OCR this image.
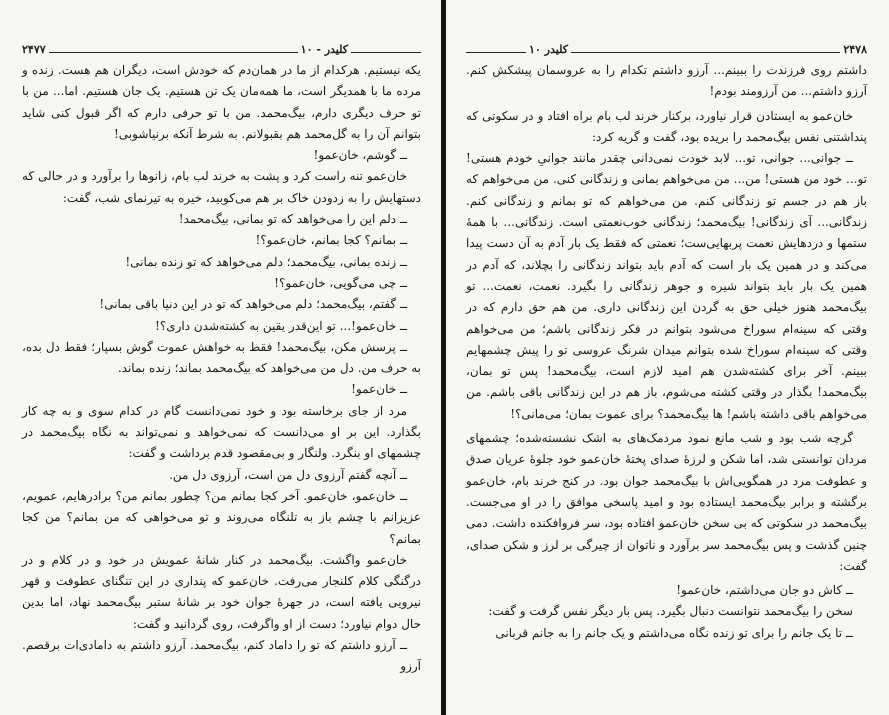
کلیدر - ۱۰
۲۴۷۷

یکه نیستیم. هرکدام از ما در همان‌دم که خودش است، دیگران هم هست. زنده و مرده ما با همدیگر است، ما همه‌مان یک تن هستیم. یک جان هستیم. اما... من با تو حرف دیگری دارم، بیگ‌محمد. من با تو حرفی دارم که اگر قبول کنی شاید بتوانم آن را به گل‌محمد هم بقبولانم. به شرط آنکه برنیاشوبی!

ــ گوشم، خان‌عمو!

خان‌عمو تنه راست کرد و پشت به خرند لب بام، زانوها را برآورد و در حالی که دستهایش را به زدودن خاک بر هم می‌کوبید، خیره به تیرنمای شب، گفت:

ــ دلم این را می‌خواهد که تو بمانی، بیگ‌محمد!

ــ بمانم؟ کجا بمانم، خان‌عمو؟!

ــ زنده بمانی، بیگ‌محمد؛ دلم می‌خواهد که تو زنده بمانی!

ــ چی می‌گویی، خان‌عمو؟!

ــ گفتم، بیگ‌محمد؛ دلم می‌خواهد که تو در این دنیا باقی بمانی!

ــ خان‌عمو!... تو این‌قدر یقین به کشته‌شدن داری؟!

ــ پرسش مکن، بیگ‌محمد! فقط به خواهش عموت گوش بسپار؛ فقط دل بده، به حرف من. دل من می‌خواهد که بیگ‌محمد بماند؛ زنده بماند.

ــ خان‌عمو!

مرد از جای برخاسته بود و خود نمی‌دانست گام در کدام سوی و به چه کار بگذارد. این بر او می‌دانست که نمی‌خواهد و نمی‌تواند به نگاه بیگ‌محمد در چشمهای او بنگرد. ولنگار و بی‌مقصود قدم برداشت و گفت:

ــ آنچه گفتم آرزوی دل من است، آرزوی دل من.

ــ خان‌عمو، خان‌عمو. آخر کجا بمانم من؟ چطور بمانم من؟ برادرهایم، عمویم، عزیزانم با چشم باز به تلنگاه می‌روند و تو می‌خواهی که من بمانم؟ من کجا بمانم؟

خان‌عمو واگشت. بیگ‌محمد در کنار شانهٔ عمویش در خود و در کلام و در درگنگی کلام کلنجار می‌رفت. خان‌عمو که پنداری در این تنگنای عطوفت و قهر نیرویی یافته است، در جهرهٔ جوان خود بر شانهٔ ستبر بیگ‌محمد نهاد، اما بدین حال دوام نیاورد؛ دست از او واگرفت، روی گردانید و گفت:

ــ آرزو داشتم که تو را داماد کنم، بیگ‌محمد. آرزو داشتم به دامادی‌ات برقصم. آرزو

۲۴۷۸
کلیدر ۱۰

داشتم روی فرزندت را ببینم... آرزو داشتم تکدام را به عروسمان پیشکش کنم. آرزو داشتم... من آرزومند بودم!

خان‌عمو به ایستادن قرار نیاورد، برکنار خرند لب بام براه افتاد و در سکوتی که پنداشتنی نفس بیگ‌محمد را بریده بود، گفت و گریه کرد:

ــ جوانی... جوانی، تو... لابد خودت نمی‌دانی چقدر مانند جوانیِ خودم هستی! تو... خود من هستی! من... من می‌خواهم بمانی و زندگانی کنی. من می‌خواهم که باز هم در جسم تو زندگانی کنم. من می‌خواهم که تو بمانم و زندگانی کنم. زندگانی... آی زندگانی! بیگ‌محمد؛ زندگانی خوب‌نعمتی است. زندگانی... با همهٔ ستمها و دردهایش نعمت پربهایی‌ست؛ نعمتی که فقط یک بار آدم به آن دست پیدا می‌کند و در همین یک بار است که آدم باید بتواند زندگانی را بچلاند، که آدم در همین یک بار باید بتواند شیره و جوهر زندگانی را بگیرد. نعمت، نعمت... تو بیگ‌محمد هنوز خیلی حق به گردن این زندگانی داری. من هم حق دارم که در وقتی که سینه‌ام سوراخ می‌شود بتوانم در فکر زندگانی باشم؛ من می‌خواهم وقتی که سینه‌ام سوراخ شده بتوانم میدان شرنگ عروسی تو را پیش چشمهایم ببینم. آخر برای کشته‌شدن هم امید لازم است، بیگ‌محمد! پس تو بمان، بیگ‌محمد! بگذار در وقتی کشته می‌شوم، باز هم در این زندگانی باقی باشم. من می‌خواهم باقی داشته باشم! ها بیگ‌محمد؟ برای عموت بمان؛ می‌مانی؟!

گرچه شب بود و شب مانع نمود مردمک‌های به اشک نشسته‌شده؛ چشمهای مردان توانستی شد، اما شکن و لرزهٔ صدای پختهٔ خان‌عمو خود جلوهٔ عریان صدق و عطوفت مرد در همگویی‌اش با بیگ‌محمد جوان بود. در کنج خرند بام، خان‌عمو برگشته و برابر بیگ‌محمد ایستاده بود و امید پاسخی موافق را در او می‌جست. بیگ‌محمد در سکوتی که بی سخن خان‌عمو افتاده بود، سر فروافکنده داشت. دمی چنین گذشت و پس بیگ‌محمد سر برآورد و ناتوان از چیرگی بر لرز و شکن صدای، گفت:

ــ کاش دو جان می‌داشتم، خان‌عمو!

سخن را بیگ‌محمد نتوانست دنبال بگیرد. پس بار دیگر نفس گرفت و گفت:

ــ تا یک جانم را برای تو زنده نگاه می‌داشتم و یک جانم را به جانم قربانی
